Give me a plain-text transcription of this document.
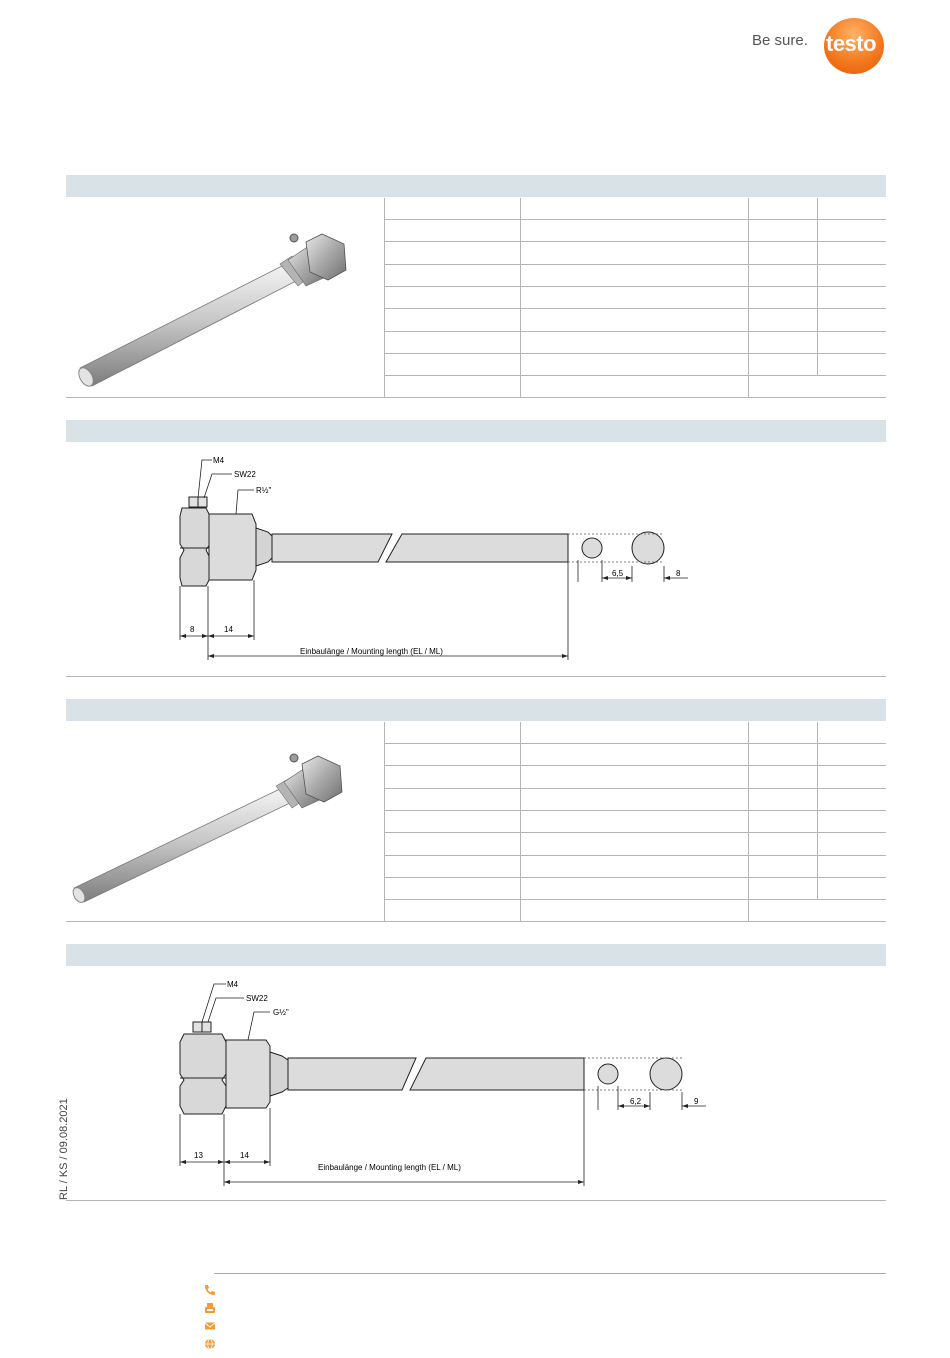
Be sure. testo
M4
SW22
R½"
8	14
Einbaulänge / Mounting length (EL / ML)
6,5	8
M4
SW22
G½"
13	14
Einbaulänge / Mounting length (EL / ML)
6,2	9
RL / KS / 09.08.2021
